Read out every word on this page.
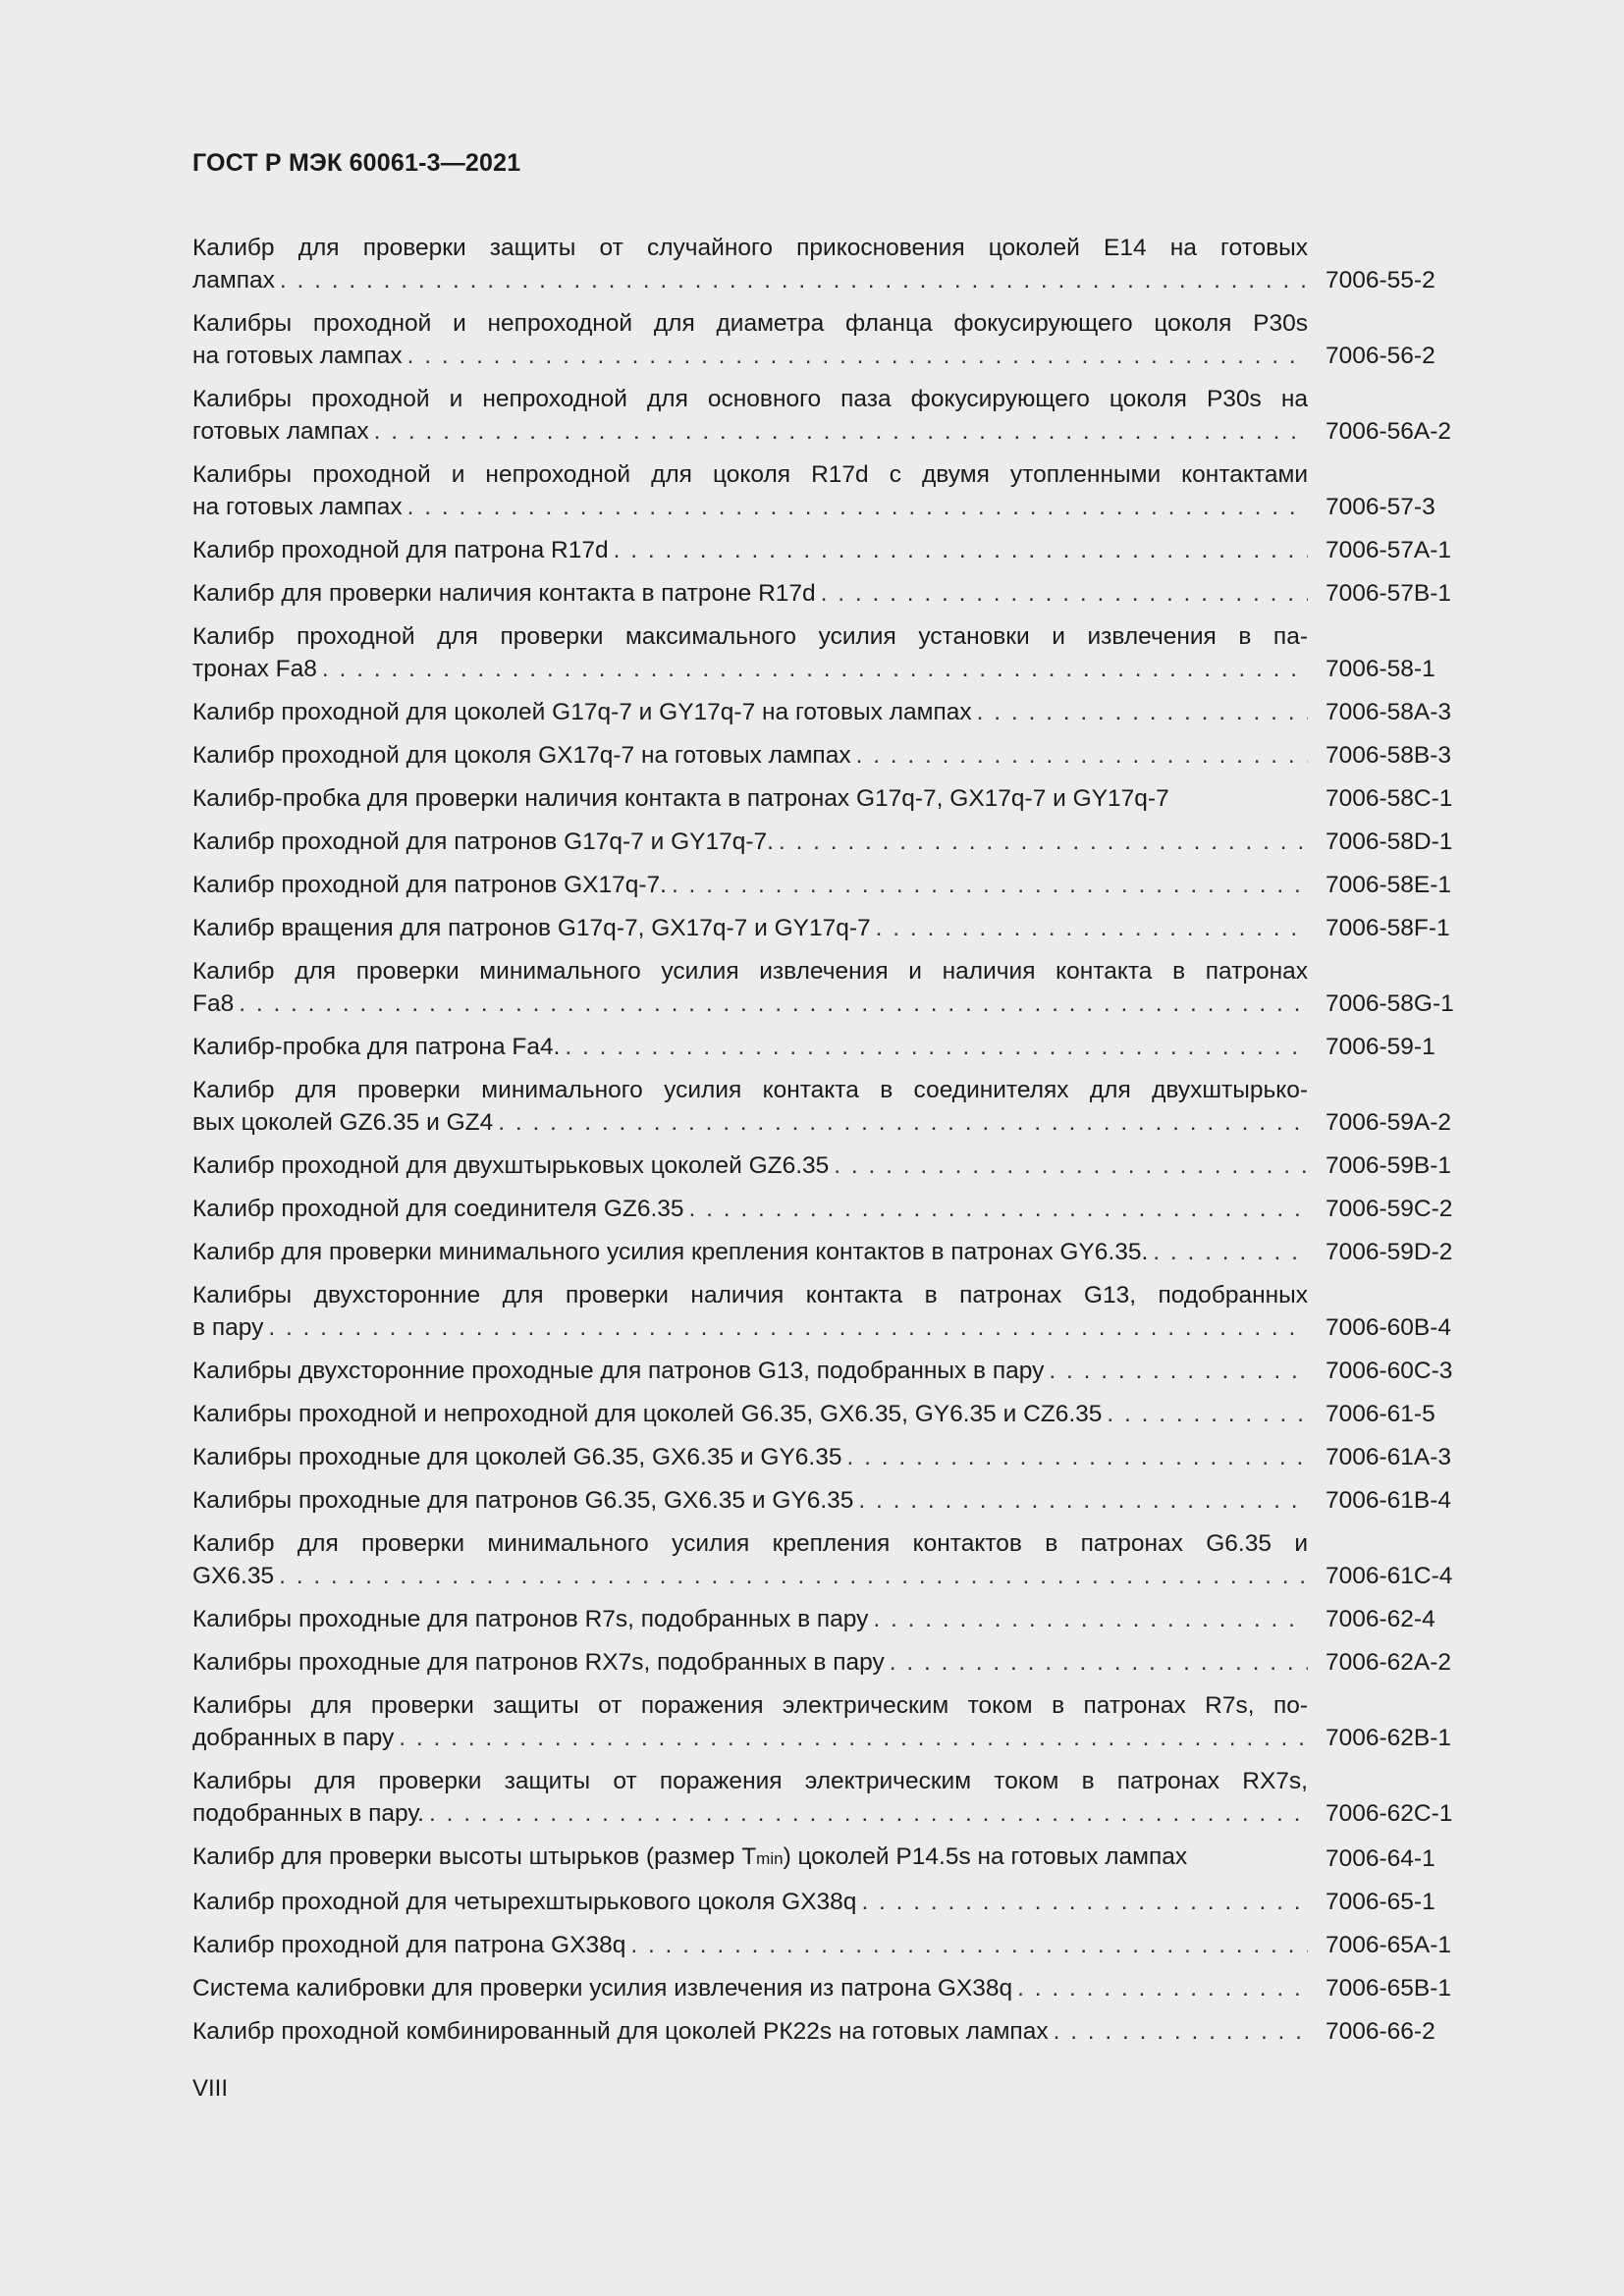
ГОСТ Р МЭК 60061-3—2021
Калибр для проверки защиты от случайного прикосновения цоколей Е14 на готовых
лампах . . .	7006-55-2
Калибры проходной и непроходной для диаметра фланца фокусирующего цоколя P30s
на готовых лампах . . .	7006-56-2
Калибры проходной и непроходной для основного паза фокусирующего цоколя P30s на
готовых лампах . . .	7006-56А-2
Калибры проходной и непроходной для цоколя R17d с двумя утопленными контактами
на готовых лампах . . .	7006-57-3
Калибр проходной для патрона R17d . . .	7006-57А-1
Калибр для проверки наличия контакта в патроне R17d . . .	7006-57В-1
Калибр проходной для проверки максимального усилия установки и извлечения в па-
тронах Fa8 . . .	7006-58-1
Калибр проходной для цоколей G17q-7 и GY17q-7 на готовых лампах . . .	7006-58А-3
Калибр проходной для цоколя GX17q-7 на готовых лампах . . .	7006-58В-3
Калибр-пробка для проверки наличия контакта в патронах G17q-7, GX17q-7 и GY17q-7	7006-58С-1
Калибр проходной для патронов G17q-7 и GY17q-7. . . .	7006-58D-1
Калибр проходной для патронов GX17q-7. . . .	7006-58Е-1
Калибр вращения для патронов G17q-7, GX17q-7 и GY17q-7 . . .	7006-58F-1
Калибр для проверки минимального усилия извлечения и наличия контакта в патронах
Fa8 . . .	7006-58G-1
Калибр-пробка для патрона Fa4. . . .	7006-59-1
Калибр для проверки минимального усилия контакта в соединителях для двухштырько-
вых цоколей GZ6.35 и GZ4 . . .	7006-59А-2
Калибр проходной для двухштырьковых цоколей GZ6.35 . . .	7006-59В-1
Калибр проходной для соединителя GZ6.35 . . .	7006-59С-2
Калибр для проверки минимального усилия крепления контактов в патронах GY6.35. . . .	7006-59D-2
Калибры двухсторонние для проверки наличия контакта в патронах G13, подобранных
в пару . . .	7006-60В-4
Калибры двухсторонние проходные для патронов G13, подобранных в пару . . .	7006-60С-3
Калибры проходной и непроходной для цоколей G6.35, GX6.35, GY6.35 и CZ6.35 . . .	7006-61-5
Калибры проходные для цоколей G6.35, GX6.35 и GY6.35 . . .	7006-61А-3
Калибры проходные для патронов G6.35, GX6.35 и GY6.35 . . .	7006-61В-4
Калибр для проверки минимального усилия крепления контактов в патронах G6.35 и
GX6.35 . . .	7006-61С-4
Калибры проходные для патронов R7s, подобранных в пару . . .	7006-62-4
Калибры проходные для патронов RX7s, подобранных в пару . . .	7006-62А-2
Калибры для проверки защиты от поражения электрическим током в патронах R7s, по-
добранных в пару . . .	7006-62В-1
Калибры для проверки защиты от поражения электрическим током в патронах RX7s,
подобранных в пару. . . .	7006-62С-1
Калибр для проверки высоты штырьков (размер T min ) цоколей P14.5s на готовых лампах	7006-64-1
Калибр проходной для четырехштырькового цоколя GX38q . . .	7006-65-1
Калибр проходной для патрона GX38q . . .	7006-65А-1
Система калибровки для проверки усилия извлечения из патрона GX38q . . .	7006-65В-1
Калибр проходной комбинированный для цоколей РК22s на готовых лампах . . .	7006-66-2
VIII
